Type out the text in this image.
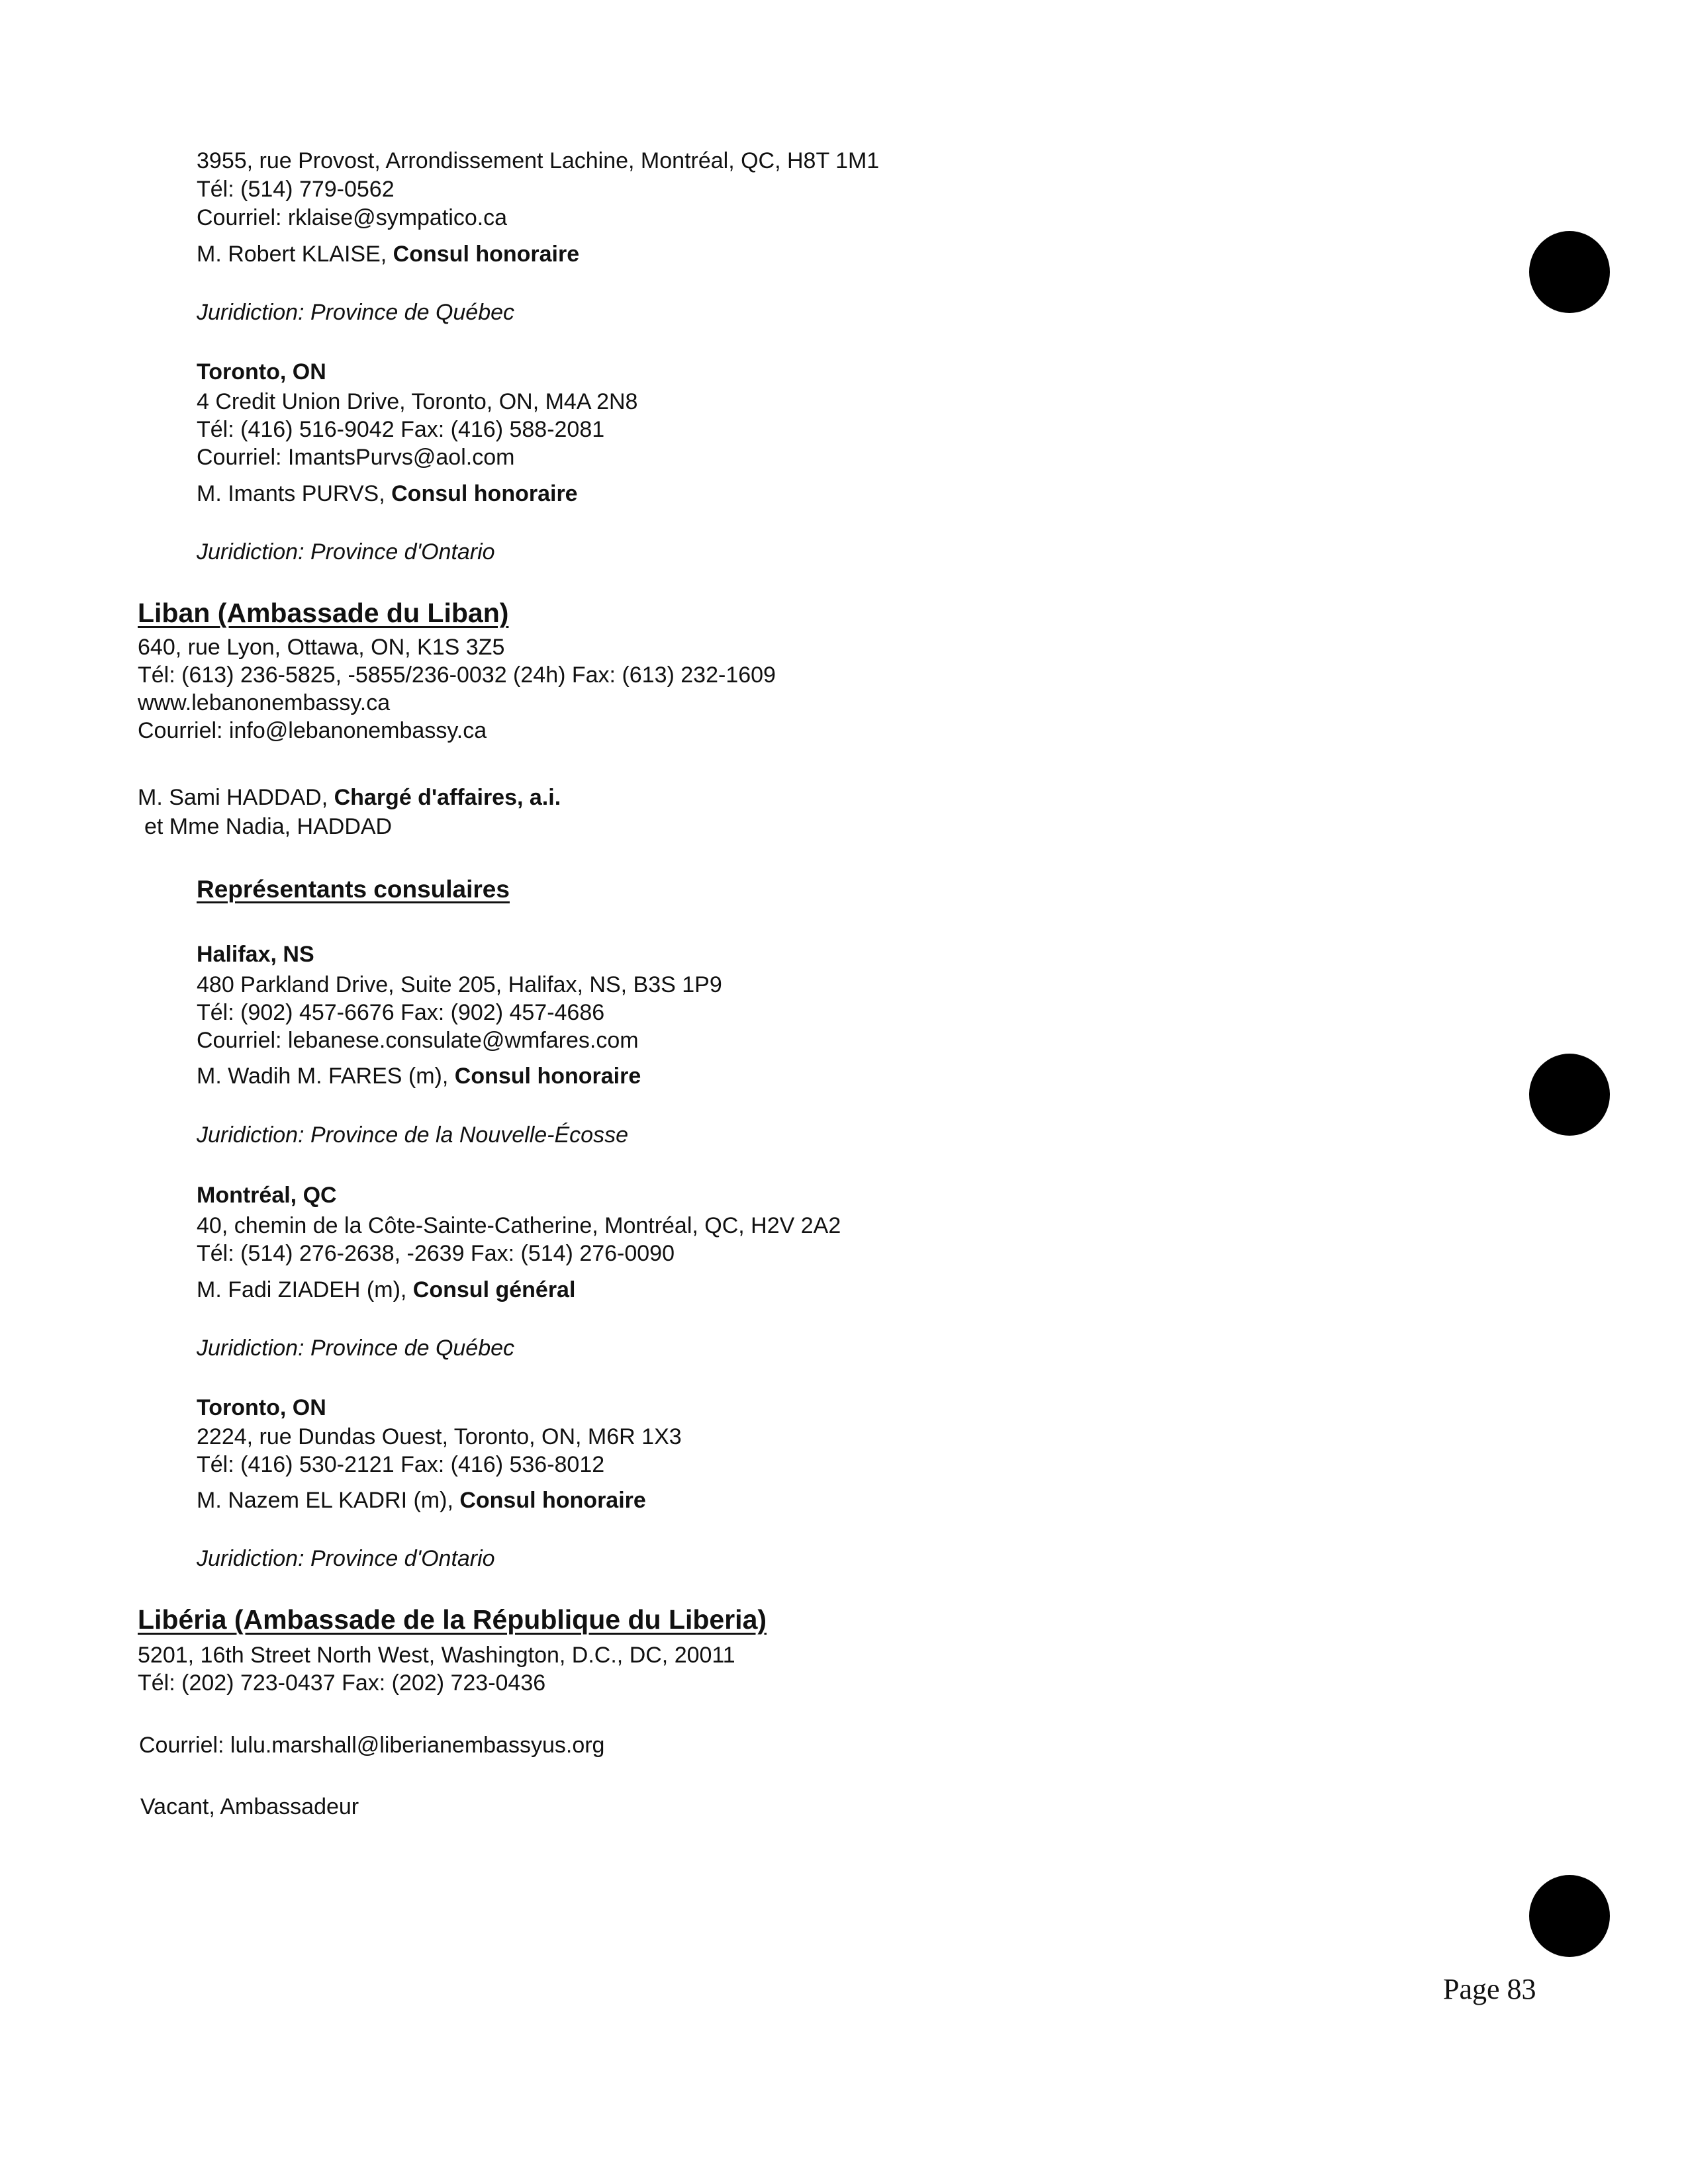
3955, rue Provost, Arrondissement Lachine, Montréal, QC, H8T 1M1
Tél: (514) 779-0562
Courriel: rklaise@sympatico.ca
M. Robert KLAISE, Consul honoraire
Juridiction: Province de Québec
Toronto, ON
4 Credit Union Drive, Toronto, ON, M4A 2N8
Tél: (416) 516-9042 Fax: (416) 588-2081
Courriel: ImantsPurvs@aol.com
M. Imants PURVS, Consul honoraire
Juridiction: Province d'Ontario
Liban (Ambassade du Liban)
640, rue Lyon, Ottawa, ON, K1S 3Z5
Tél: (613) 236-5825, -5855/236-0032 (24h) Fax: (613) 232-1609
www.lebanonembassy.ca
Courriel: info@lebanonembassy.ca
M. Sami HADDAD, Chargé d'affaires, a.i.
et Mme Nadia, HADDAD
Représentants consulaires
Halifax, NS
480 Parkland Drive, Suite 205, Halifax, NS, B3S 1P9
Tél: (902) 457-6676 Fax: (902) 457-4686
Courriel: lebanese.consulate@wmfares.com
M. Wadih M. FARES (m), Consul honoraire
Juridiction: Province de la Nouvelle-Écosse
Montréal, QC
40, chemin de la Côte-Sainte-Catherine, Montréal, QC, H2V 2A2
Tél: (514) 276-2638, -2639 Fax: (514) 276-0090
M. Fadi ZIADEH (m), Consul général
Juridiction: Province de Québec
Toronto, ON
2224, rue Dundas Ouest, Toronto, ON, M6R 1X3
Tél: (416) 530-2121 Fax: (416) 536-8012
M. Nazem EL KADRI (m), Consul honoraire
Juridiction: Province d'Ontario
Libéria (Ambassade de la République du Liberia)
5201, 16th Street North West, Washington, D.C., DC, 20011
Tél: (202) 723-0437 Fax: (202) 723-0436
Courriel: lulu.marshall@liberianembassyus.org
Vacant, Ambassadeur
Page 83
